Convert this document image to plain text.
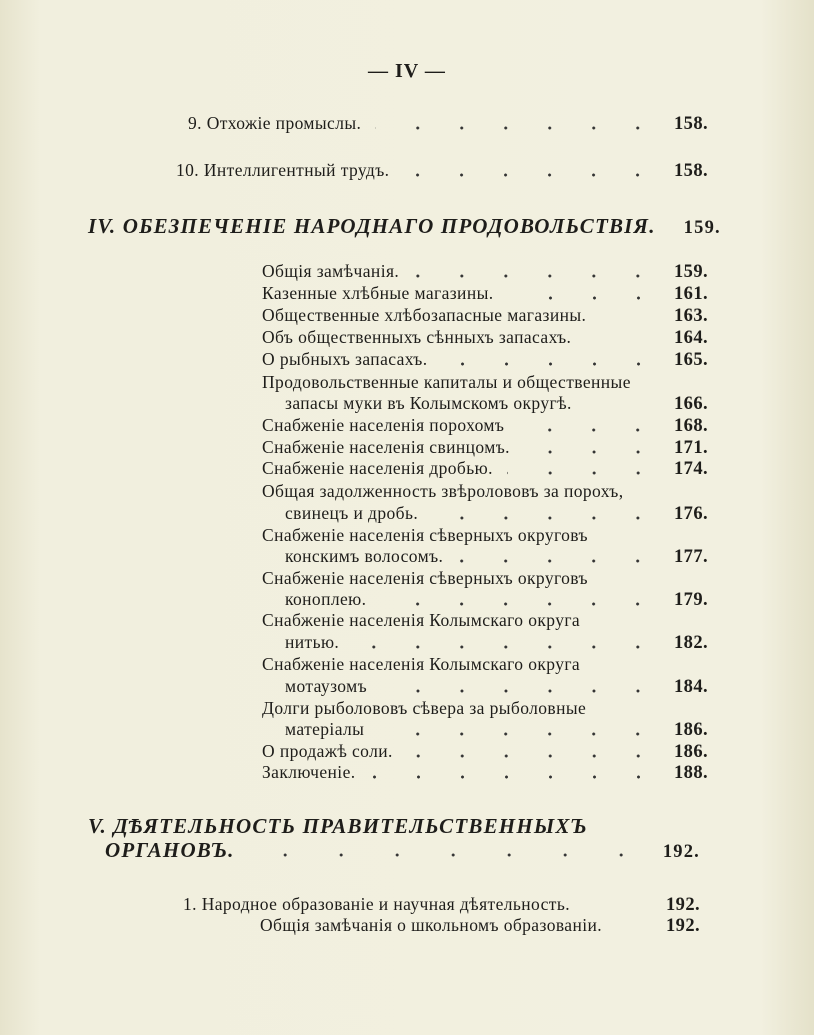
— IV —
9. Отхожіе промыслы.	158.
10. Интеллигентный трудъ.	158.
IV. ОБЕЗПЕЧЕНІЕ НАРОДНАГО ПРОДОВОЛЬСТВІЯ. 159.
Общія замѣчанія.	159.
Казенные хлѣбные магазины.	161.
Общественные хлѣбозапасные магазины.	163.
Объ общественныхъ сѣнныхъ запасахъ.	164.
О рыбныхъ запасахъ.	165.
Продовольственные капиталы и общественные
запасы муки въ Колымскомъ округѣ.	166.
Снабженіе населенія порохомъ	168.
Снабженіе населенія свинцомъ.	171.
Снабженіе населенія дробью.	174.
Общая задолженность звѣролововъ за порохъ,
свинецъ и дробь.	176.
Снабженіе населенія сѣверныхъ округовъ
конскимъ волосомъ.	177.
Снабженіе населенія сѣверныхъ округовъ
коноплею.	179.
Снабженіе населенія Колымскаго округа
нитью.	182.
Снабженіе населенія Колымскаго округа
мотаузомъ	184.
Долги рыболововъ сѣвера за рыболовные
матеріалы	186.
О продажѣ соли.	186.
Заключеніе.	188.
V. ДѢЯТЕЛЬНОСТЬ ПРАВИТЕЛЬСТВЕННЫХЪ
ОРГАНОВЪ.	192.
1. Народное образованіе и научная дѣятельность.	192.
Общія замѣчанія о школьномъ образованіи.	192.
